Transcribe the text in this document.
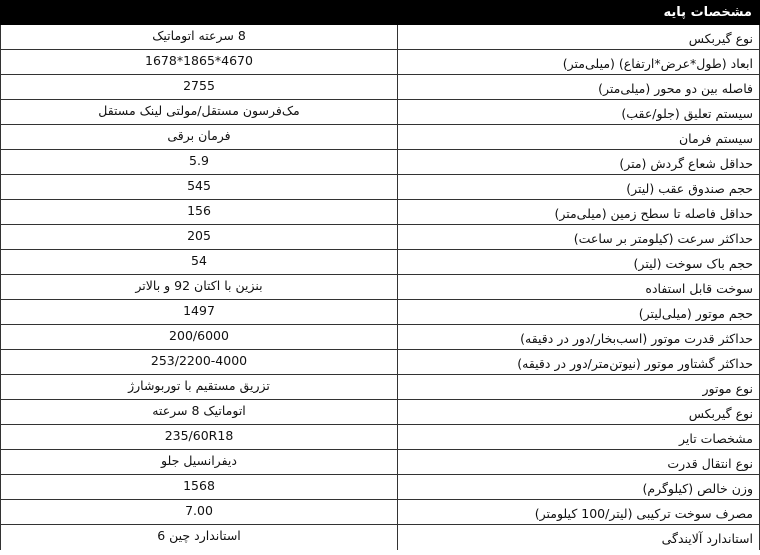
مشخصات پایه
نوع گیربکس
8 سرعته اتوماتیک
ابعاد (طول*عرض*ارتفاع) (میلی‌متر)
4670*1865*1678
فاصله بین دو محور (میلی‌متر)
2755
سیستم تعلیق (جلو/عقب)
مک‌فرسون مستقل/مولتی لینک مستقل
سیستم فرمان
فرمان برقی
حداقل شعاع گردش (متر)
5.9
حجم صندوق عقب (لیتر)
545
حداقل فاصله تا سطح زمین (میلی‌متر)
156
حداکثر سرعت (کیلومتر بر ساعت)
205
حجم باک سوخت (لیتر)
54
سوخت قابل استفاده
بنزین با اکتان 92 و بالاتر
حجم موتور (میلی‌لیتر)
1497
حداکثر قدرت موتور (اسب‌بخار/دور در دقیقه)
200/6000
حداکثر گشتاور موتور (نیوتن‌متر/دور در دقیقه)
253/2200-4000
نوع موتور
تزریق مستقیم با توربوشارژ
نوع گیربکس
اتوماتیک 8 سرعته
مشخصات تایر
235/60R18
نوع انتقال قدرت
دیفرانسیل جلو
وزن خالص (کیلوگرم)
1568
مصرف سوخت ترکیبی (لیتر/100 کیلومتر)
7.00
استاندارد آلایندگی
استاندارد چین 6
